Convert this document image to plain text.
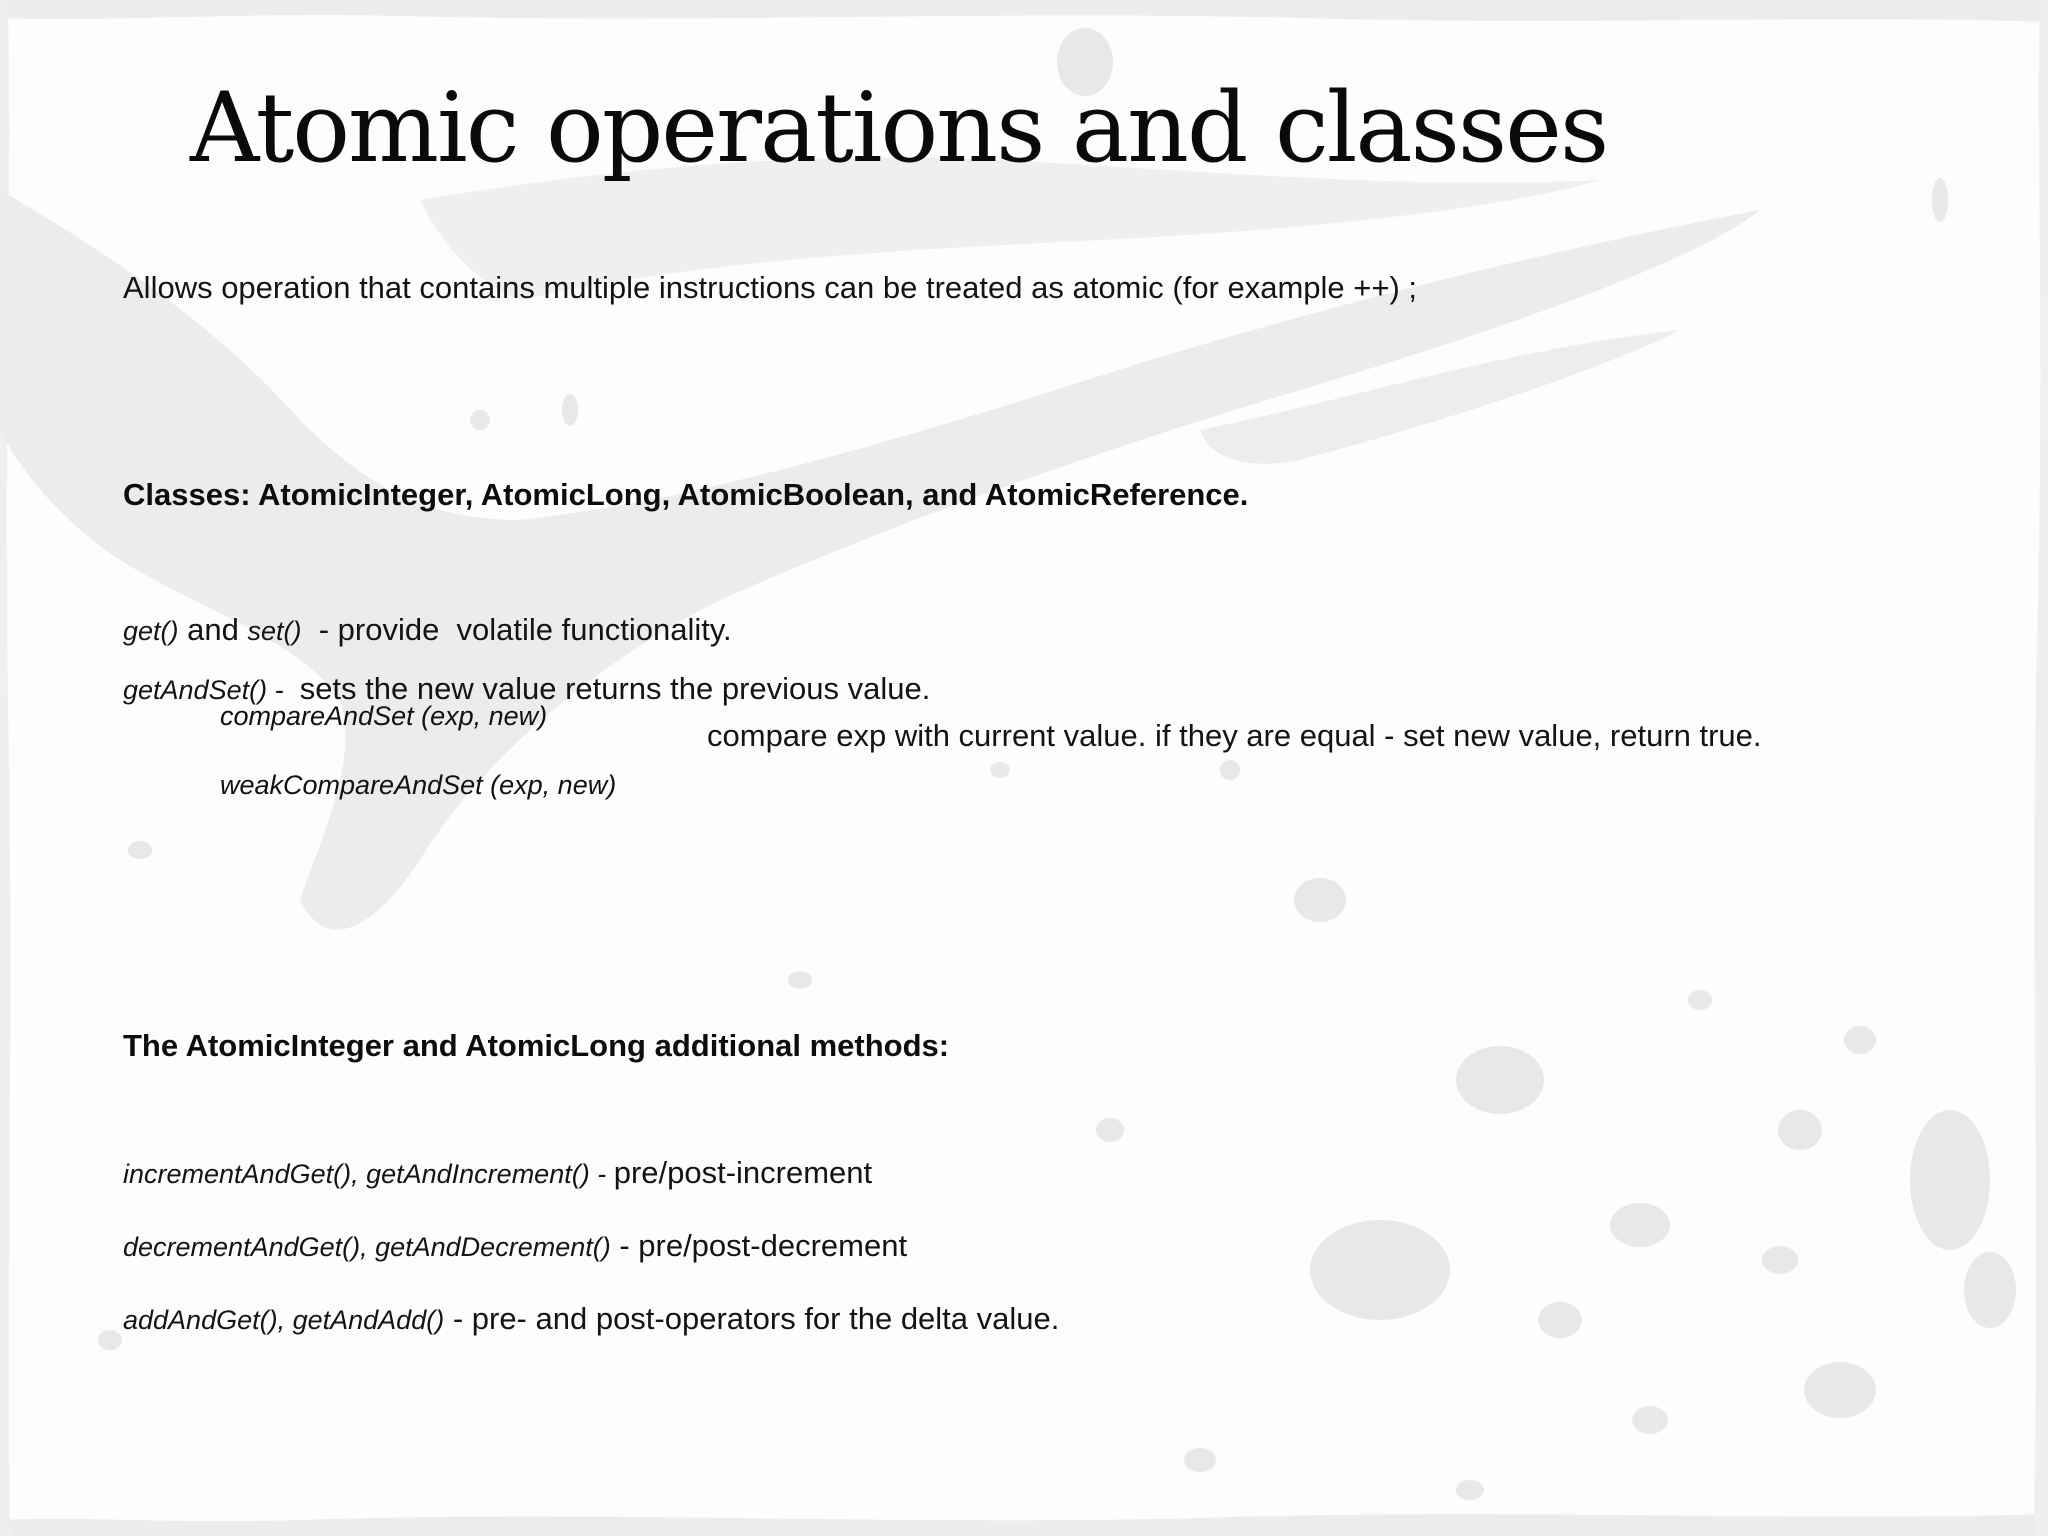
Atomic operations and classes
Allows operation that contains multiple instructions can be treated as atomic (for example ++) ;
Classes: AtomicInteger, AtomicLong, AtomicBoolean, and AtomicReference.
get() and set()  - provide  volatile functionality.
getAndSet() -  sets the new value returns the previous value.
compareAndSet (exp, new)
compare exp with current value. if they are equal - set new value, return true.
weakCompareAndSet (exp, new)
The AtomicInteger and AtomicLong additional methods:
incrementAndGet(), getAndIncrement() - pre/post-increment
decrementAndGet(), getAndDecrement() - pre/post-decrement
addAndGet(), getAndAdd() - pre- and post-operators for the delta value.
